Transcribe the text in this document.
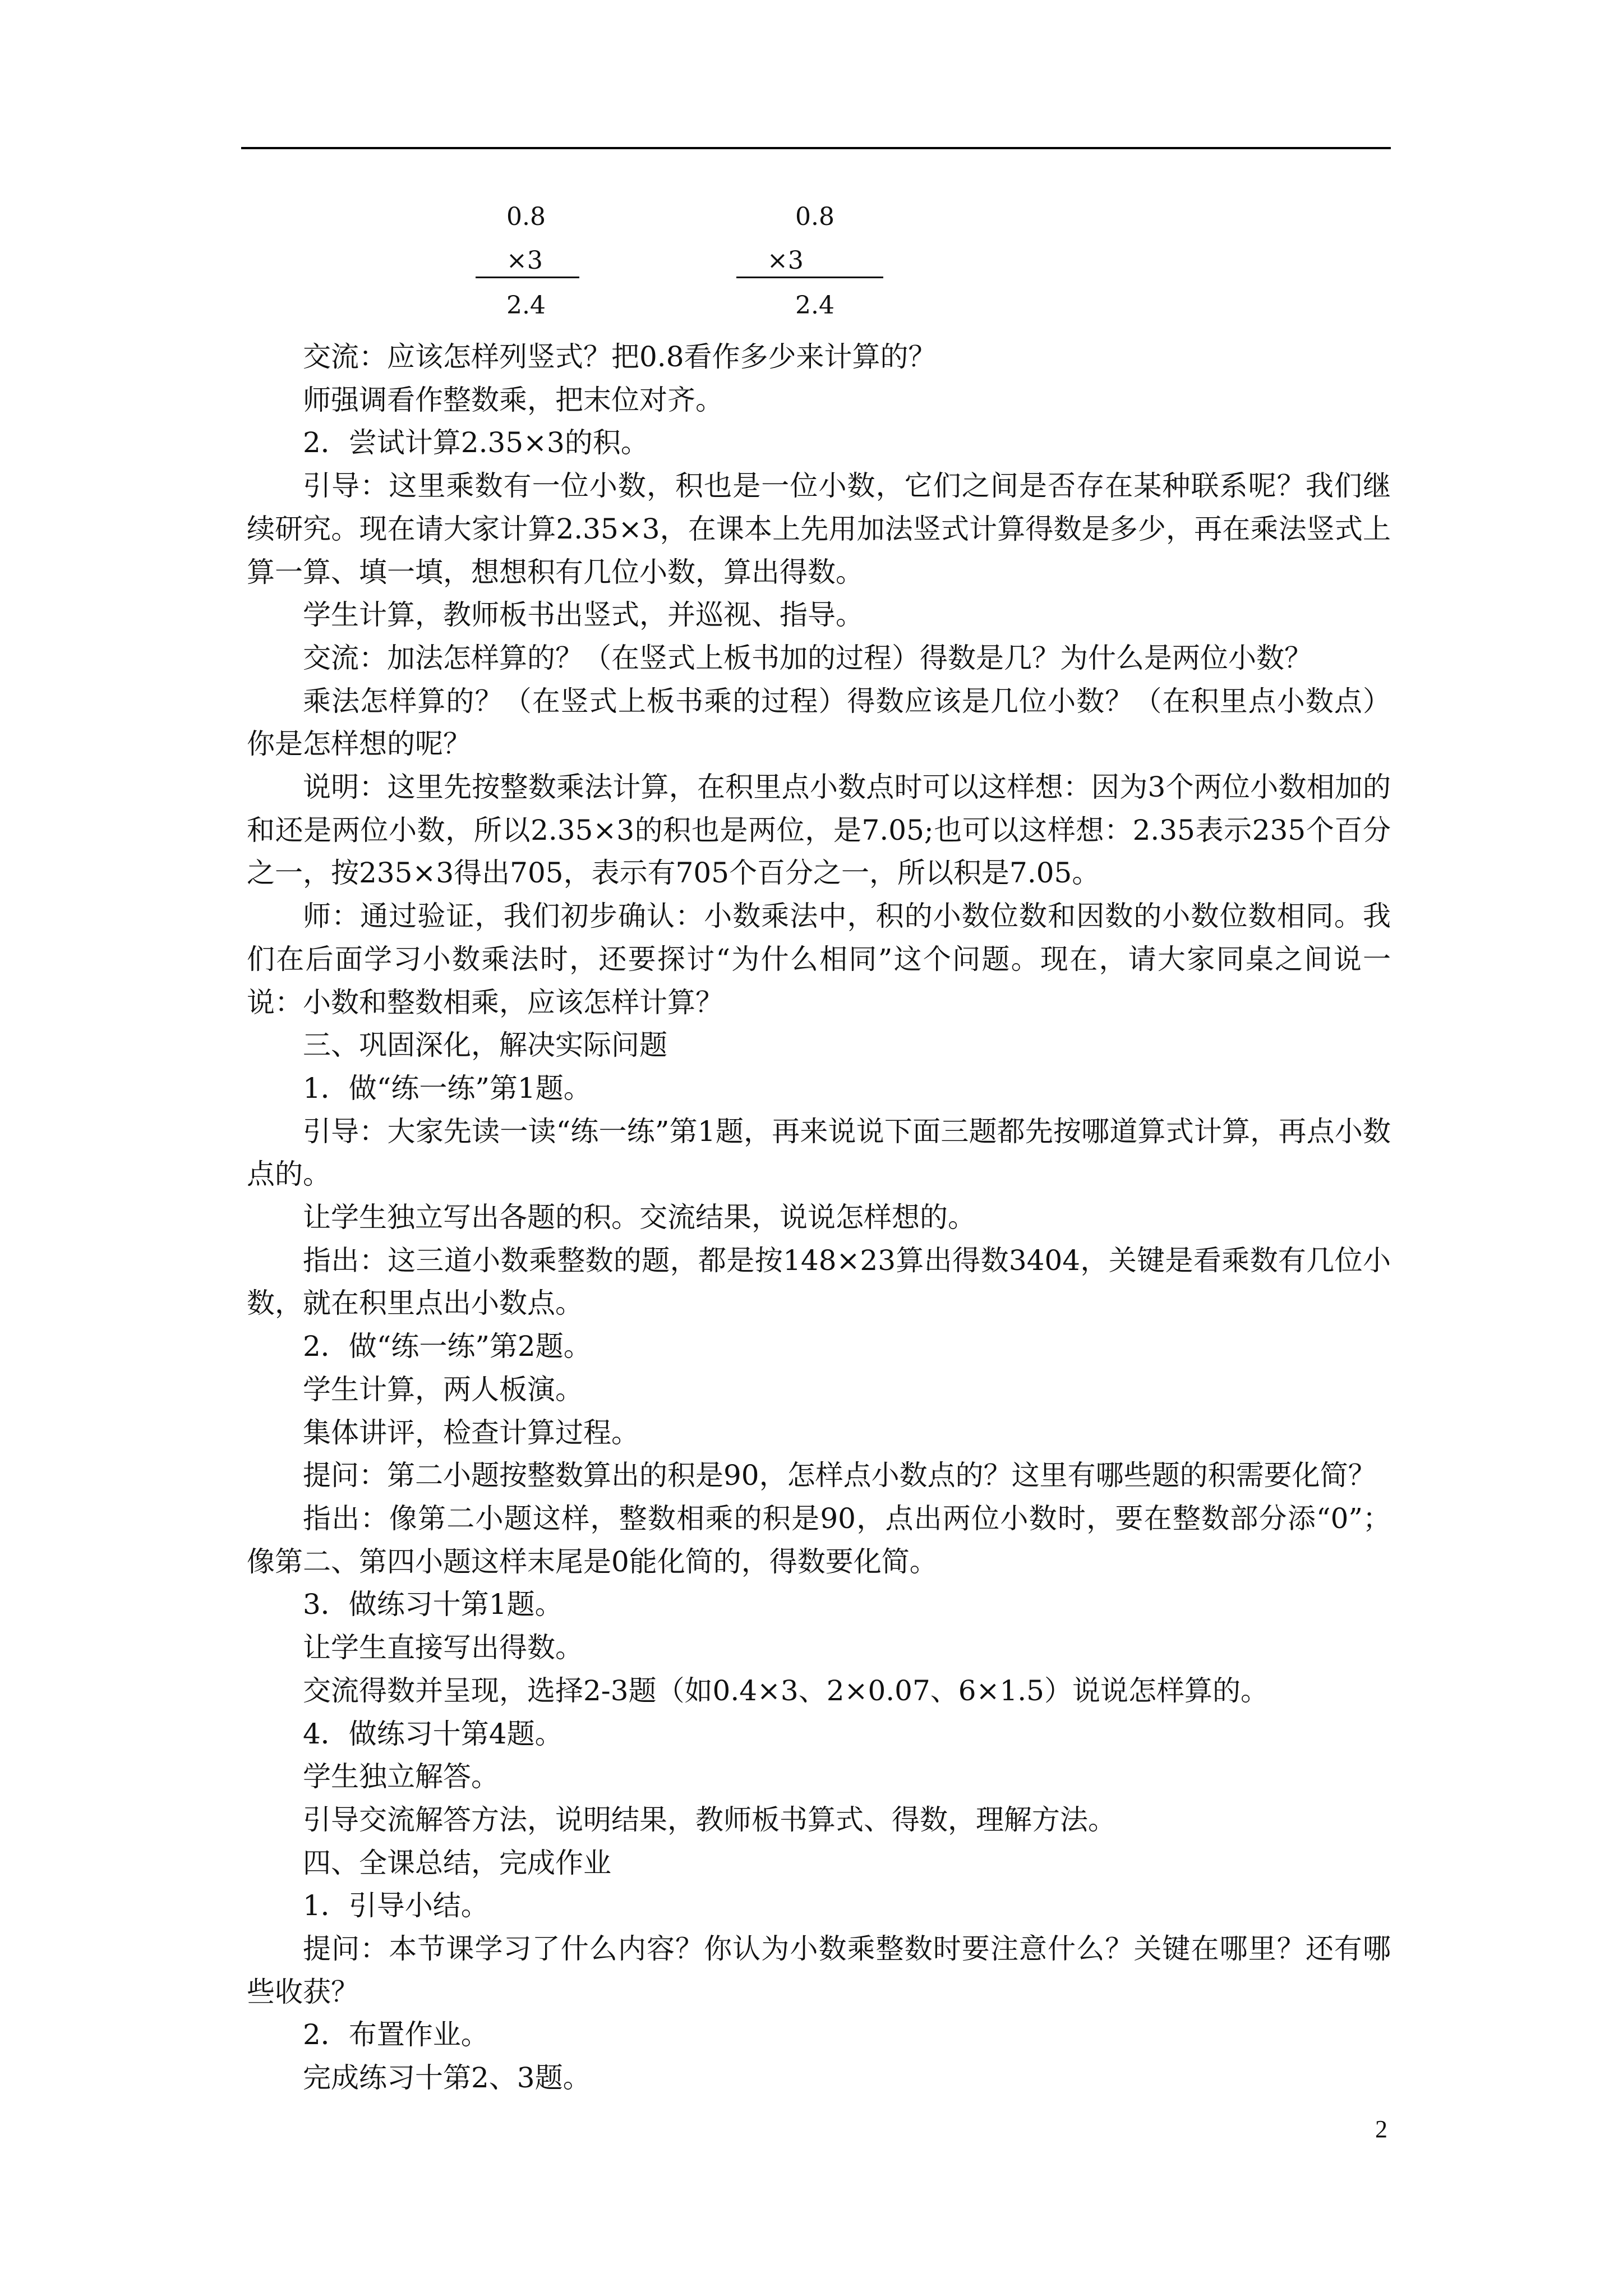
0.8
×3
2.4
0.8
×3
2.4

交流：应该怎样列竖式？把0.8看作多少来计算的？

师强调看作整数乘，把末位对齐。

2．尝试计算2.35×3的积。

引导：这里乘数有一位小数，积也是一位小数，它们之间是否存在某种联系呢？我们继续研究。现在请大家计算2.35×3，在课本上先用加法竖式计算得数是多少，再在乘法竖式上算一算、填一填，想想积有几位小数，算出得数。

学生计算，教师板书出竖式，并巡视、指导。

交流：加法怎样算的？（在竖式上板书加的过程）得数是几？为什么是两位小数？

乘法怎样算的？（在竖式上板书乘的过程）得数应该是几位小数？（在积里点小数点）你是怎样想的呢？

说明：这里先按整数乘法计算，在积里点小数点时可以这样想：因为3个两位小数相加的和还是两位小数，所以2.35×3的积也是两位，是7.05;也可以这样想：2.35表示235个百分之一，按235×3得出705，表示有705个百分之一，所以积是7.05。

师：通过验证，我们初步确认：小数乘法中，积的小数位数和因数的小数位数相同。我们在后面学习小数乘法时，还要探讨“为什么相同”这个问题。现在，请大家同桌之间说一说：小数和整数相乘，应该怎样计算？

三、巩固深化，解决实际问题

1．做“练一练”第1题。

引导：大家先读一读“练一练”第1题，再来说说下面三题都先按哪道算式计算，再点小数点的。

让学生独立写出各题的积。交流结果，说说怎样想的。

指出：这三道小数乘整数的题，都是按148×23算出得数3404，关键是看乘数有几位小数，就在积里点出小数点。

2．做“练一练”第2题。

学生计算，两人板演。

集体讲评，检查计算过程。

提问：第二小题按整数算出的积是90，怎样点小数点的？这里有哪些题的积需要化简？

指出：像第二小题这样，整数相乘的积是90，点出两位小数时，要在整数部分添“0”；像第二、第四小题这样末尾是0能化简的，得数要化简。

3．做练习十第1题。

让学生直接写出得数。

交流得数并呈现，选择2-3题（如0.4×3、2×0.07、6×1.5）说说怎样算的。

4．做练习十第4题。

学生独立解答。

引导交流解答方法，说明结果，教师板书算式、得数，理解方法。

四、全课总结，完成作业

1．引导小结。

提问：本节课学习了什么内容？你认为小数乘整数时要注意什么？关键在哪里？还有哪些收获？

2．布置作业。

完成练习十第2、3题。

2
